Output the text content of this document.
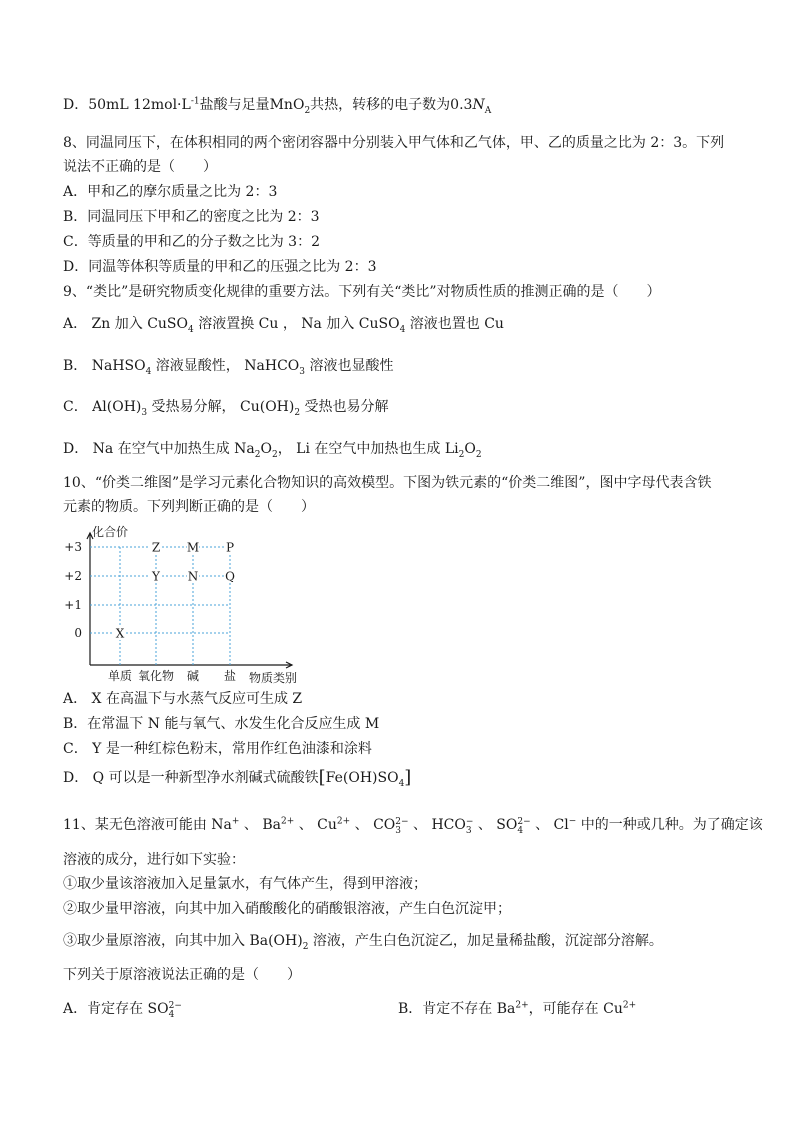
D．50mL $12mol\cdot L^{-1}$盐酸与足量MnO$_2$共热，转移的电子数为$0.3N_A$
8、同温同压下，在体积相同的两个密闭容器中分别装入甲气体和乙气体，甲、乙的质量之比为 2：3。下列
说法不正确的是（　　）
A．甲和乙的摩尔质量之比为 2：3
B．同温同压下甲和乙的密度之比为 2：3
C．等质量的甲和乙的分子数之比为 3：2
D．同温等体积等质量的甲和乙的压强之比为 2：3
9、“类比”是研究物质变化规律的重要方法。下列有关“类比”对物质性质的推测正确的是（　　）
A． Zn 加入 CuSO$_4$ 溶液置换 Cu ， Na 加入 CuSO$_4$ 溶液也置也 Cu
B． NaHSO$_4$ 溶液显酸性， NaHCO$_3$ 溶液也显酸性
C． $Al(OH)_3$ 受热易分解， $Cu(OH)_2$ 受热也易分解
D． Na 在空气中加热生成 $Na_2O_2$， Li 在空气中加热也生成 $Li_2O_2$
10、“价类二维图”是学习元素化合物知识的高效模型。下图为铁元素的“价类二维图”，图中字母代表含铁
元素的物质。下列判断正确的是（　　）
A． X 在高温下与水蒸气反应可生成 Z
B．在常温下 N 能与氧气、水发生化合反应生成 M
C． Y 是一种红棕色粉末，常用作红色油漆和涂料
D． Q 可以是一种新型净水剂碱式硫酸铁$[Fe(OH)SO_4]$
11、某无色溶液可能由 Na+ 、 $Ba^{2+}$ 、 $Cu^{2+}$ 、 CO 2−
3 、 HCO −
3 、 SO 2−
4 、 Cl− 中的一种或几种。为了确定该
溶液的成分，进行如下实验：
①取少量该溶液加入足量氯水，有气体产生，得到甲溶液；
②取少量甲溶液，向其中加入硝酸酸化的硝酸银溶液，产生白色沉淀甲；
③取少量原溶液，向其中加入 $Ba(OH)_2$ 溶液，产生白色沉淀乙，加足量稀盐酸，沉淀部分溶解。
下列关于原溶液说法正确的是（　　）
A．肯定存在 SO 2−
4	B．肯定不存在 $Ba^{2+}$，可能存在 $Cu^{2+}$
+3
+2
+1
0
化合价
单质 氧化物 碱 盐 物质类别
X
Z
Y
M
N
P
Q
